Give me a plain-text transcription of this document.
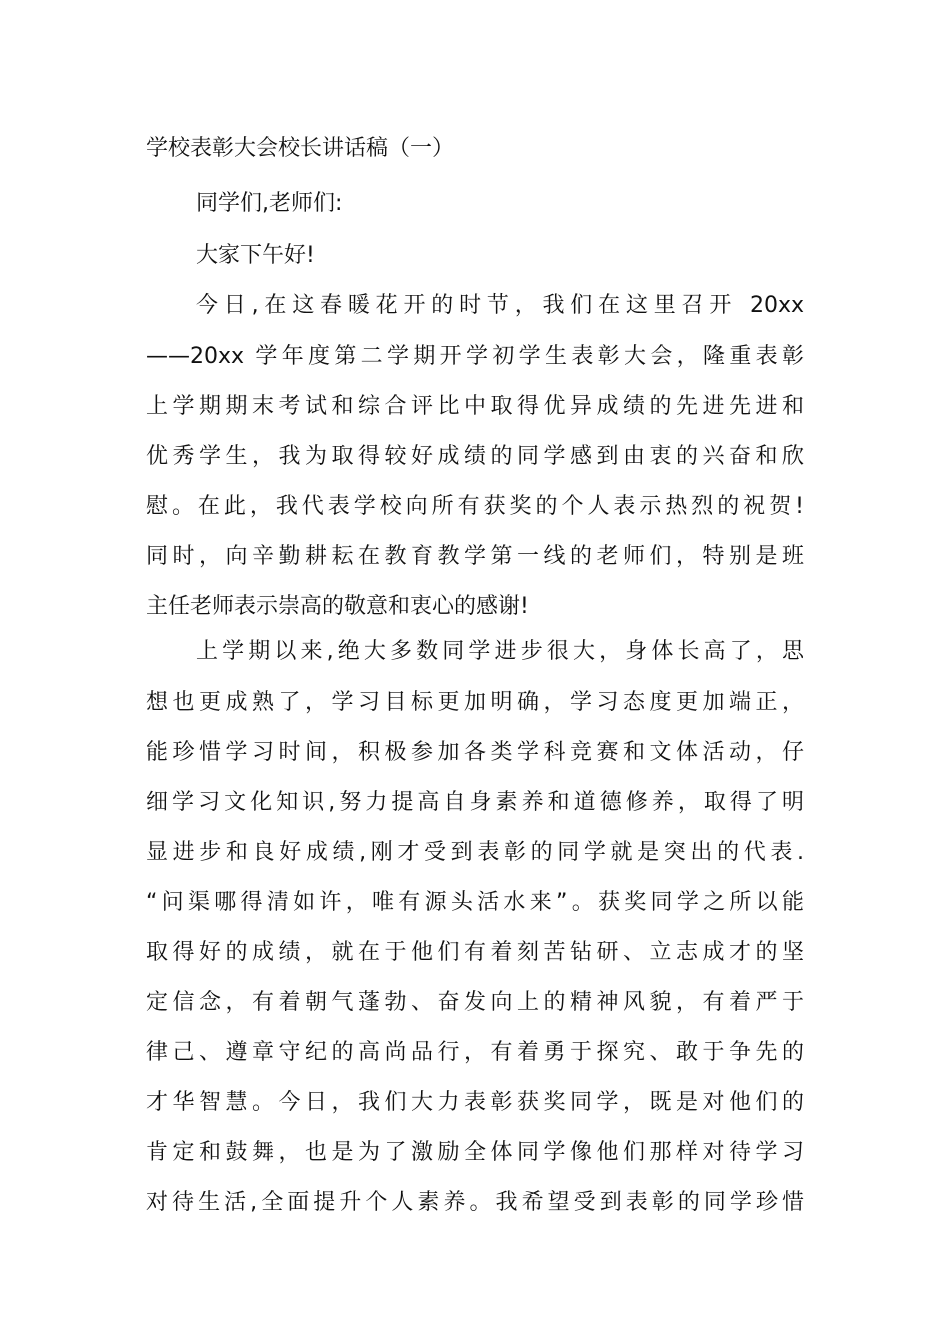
学校表彰大会校长讲话稿（一）
同学们,老师们:
大家下午好!
今日,在这春暖花开的时节，我们在这里召开 20xx
——20xx 学年度第二学期开学初学生表彰大会，隆重表彰
上学期期末考试和综合评比中取得优异成绩的先进先进和
优秀学生，我为取得较好成绩的同学感到由衷的兴奋和欣
慰。在此，我代表学校向所有获奖的个人表示热烈的祝贺!
同时，向辛勤耕耘在教育教学第一线的老师们，特别是班
主任老师表示崇高的敬意和衷心的感谢!
上学期以来,绝大多数同学进步很大，身体长高了，思
想也更成熟了，学习目标更加明确，学习态度更加端正，
能珍惜学习时间，积极参加各类学科竞赛和文体活动，仔
细学习文化知识,努力提高自身素养和道德修养，取得了明
显进步和良好成绩,刚才受到表彰的同学就是突出的代表.
“问渠哪得清如许，唯有源头活水来”。获奖同学之所以能
取得好的成绩，就在于他们有着刻苦钻研、立志成才的坚
定信念，有着朝气蓬勃、奋发向上的精神风貌，有着严于
律己、遵章守纪的高尚品行，有着勇于探究、敢于争先的
才华智慧。今日，我们大力表彰获奖同学，既是对他们的
肯定和鼓舞，也是为了激励全体同学像他们那样对待学习
对待生活,全面提升个人素养。我希望受到表彰的同学珍惜
